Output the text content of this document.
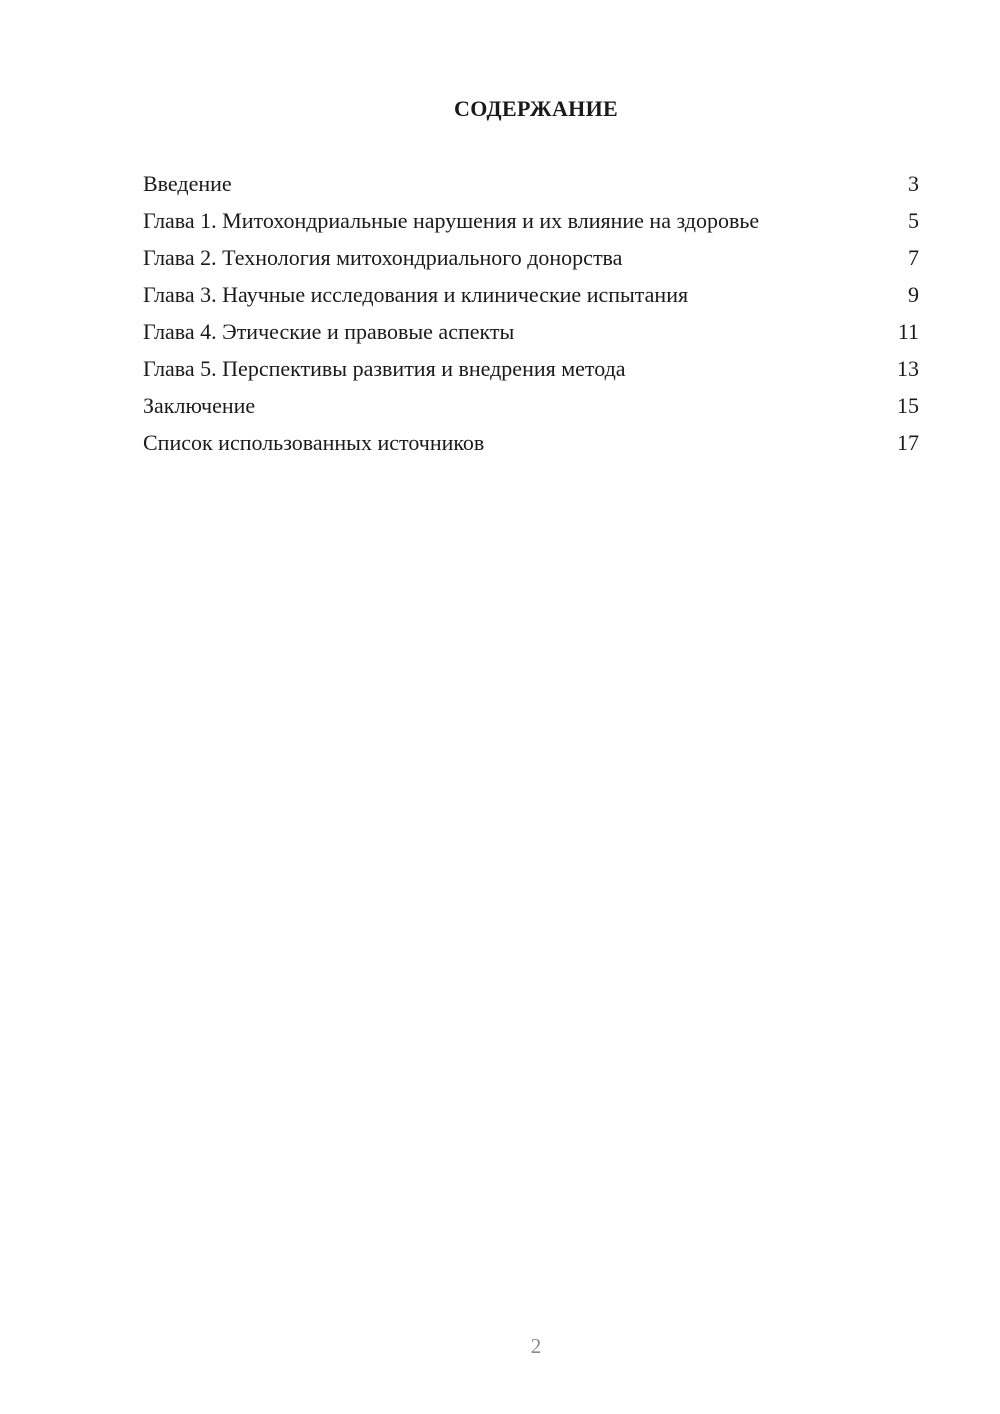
СОДЕРЖАНИЕ
Введение	3
Глава 1. Митохондриальные нарушения и их влияние на здоровье	5
Глава 2. Технология митохондриального донорства	7
Глава 3. Научные исследования и клинические испытания	9
Глава 4. Этические и правовые аспекты	11
Глава 5. Перспективы развития и внедрения метода	13
Заключение	15
Список использованных источников	17
2
